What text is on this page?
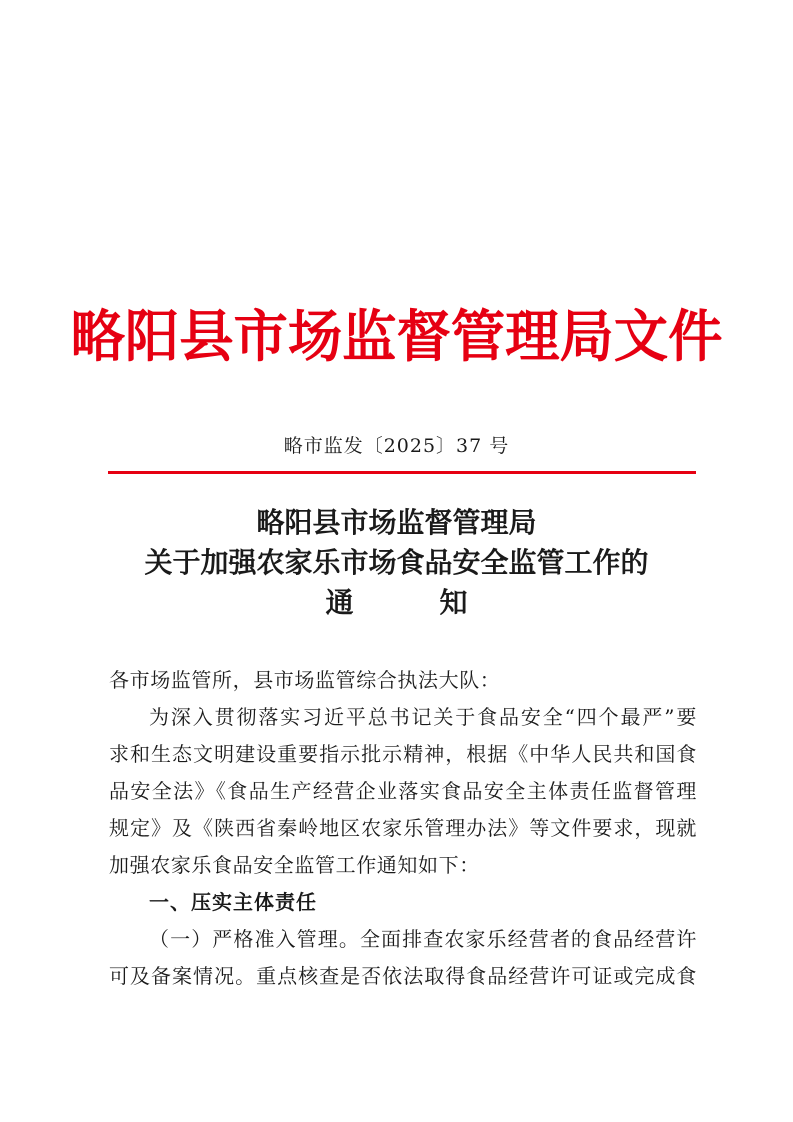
略阳县市场监督管理局文件
略市监发〔2025〕37 号
略阳县市场监督管理局
关于加强农家乐市场食品安全监管工作的
通	知

各市场监管所，县市场监管综合执法大队：

为深入贯彻落实习近平总书记关于食品安全“四个最严”要
求和生态文明建设重要指示批示精神，根据《中华人民共和国食
品安全法》《食品生产经营企业落实食品安全主体责任监督管理
规定》及《陕西省秦岭地区农家乐管理办法》等文件要求，现就
加强农家乐食品安全监管工作通知如下：

一、压实主体责任

（一）严格准入管理。全面排查农家乐经营者的食品经营许
可及备案情况。重点核查是否依法取得食品经营许可证或完成食
